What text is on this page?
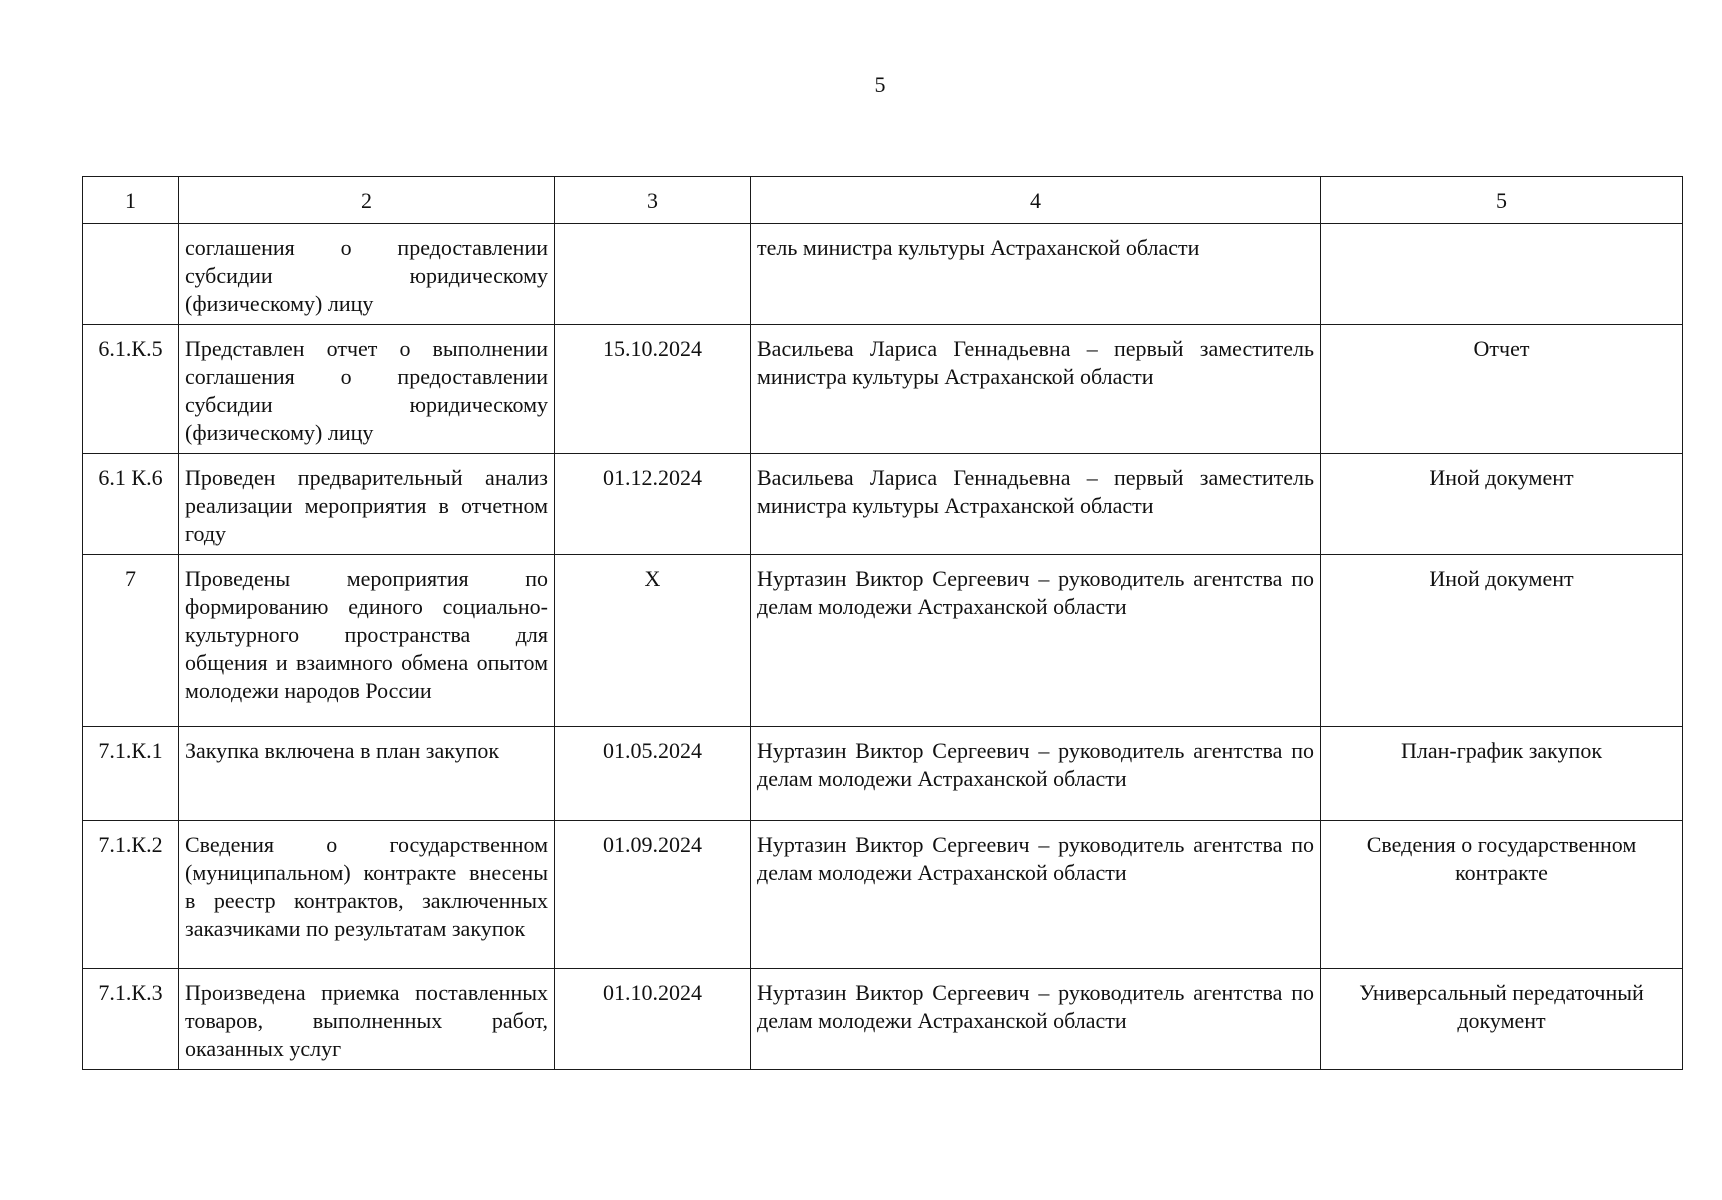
5
1	2	3	4	5
	соглашения о предоставлении субсидии юридическому (физическому) лицу		тель министра культуры Астраханской области	
6.1.К.5	Представлен отчет о выполнении соглашения о предоставлении субсидии юридическому (физическому) лицу	15.10.2024	Васильева Лариса Геннадьевна – первый заместитель министра культуры Астраханской области	Отчет
6.1 К.6	Проведен предварительный анализ реализации мероприятия в отчетном году	01.12.2024	Васильева Лариса Геннадьевна – первый заместитель министра культуры Астраханской области	Иной документ
7	Проведены мероприятия по формированию единого социально-культурного пространства для общения и взаимного обмена опытом молодежи народов России	Х	Нуртазин Виктор Сергеевич – руководитель агентства по делам молодежи Астраханской области	Иной документ
7.1.К.1	Закупка включена в план закупок	01.05.2024	Нуртазин Виктор Сергеевич – руководитель агентства по делам молодежи Астраханской области	План-график закупок
7.1.К.2	Сведения о государственном (муниципальном) контракте внесены в реестр контрактов, заключенных заказчиками по результатам закупок	01.09.2024	Нуртазин Виктор Сергеевич – руководитель агентства по делам молодежи Астраханской области	Сведения о государственном контракте
7.1.К.3	Произведена приемка поставленных товаров, выполненных работ, оказанных услуг	01.10.2024	Нуртазин Виктор Сергеевич – руководитель агентства по делам молодежи Астраханской области	Универсальный передаточный документ
